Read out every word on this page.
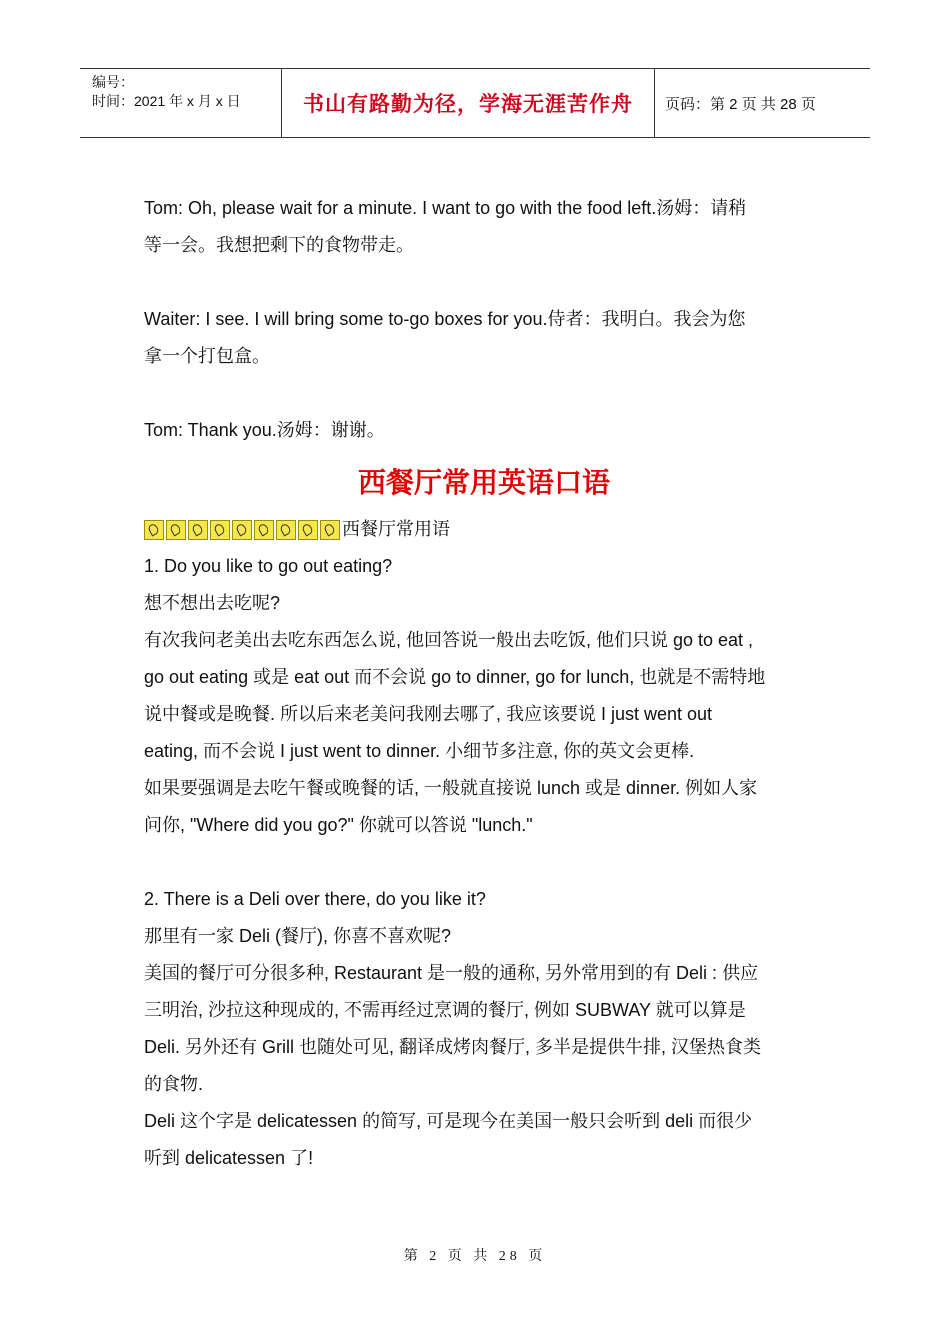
编号：
时间：2021 年 x 月 x 日	书山有路勤为径，学海无涯苦作舟	页码：第 2 页 共 28 页

Tom: Oh, please wait for a minute. I want to go with the food left.汤姆：请稍

等一会。我想把剩下的食物带走。

Waiter: I see. I will bring some to-go boxes for you.侍者：我明白。我会为您

拿一个打包盒。

Tom: Thank you.汤姆：谢谢。

西餐厅常用英语口语
西餐厅常用语

1. Do you like to go out eating?

想不想出去吃呢?

有次我问老美出去吃东西怎么说, 他回答说一般出去吃饭, 他们只说 go to eat ,

go out eating 或是 eat out 而不会说 go to dinner, go for lunch, 也就是不需特地

说中餐或是晚餐. 所以后来老美问我刚去哪了, 我应该要说 I just went out

eating, 而不会说 I just went to dinner. 小细节多注意, 你的英文会更棒.

如果要强调是去吃午餐或晚餐的话, 一般就直接说 lunch 或是 dinner. 例如人家

问你, "Where did you go?" 你就可以答说 "lunch."

2. There is a Deli over there, do you like it?

那里有一家 Deli (餐厅), 你喜不喜欢呢?

美国的餐厅可分很多种, Restaurant 是一般的通称, 另外常用到的有 Deli : 供应

三明治, 沙拉这种现成的, 不需再经过烹调的餐厅, 例如 SUBWAY 就可以算是

Deli. 另外还有 Grill 也随处可见, 翻译成烤肉餐厅, 多半是提供牛排, 汉堡热食类

的食物.

Deli 这个字是 delicatessen 的简写, 可是现今在美国一般只会听到 deli 而很少

听到 delicatessen 了!

第 2 页 共 28 页
